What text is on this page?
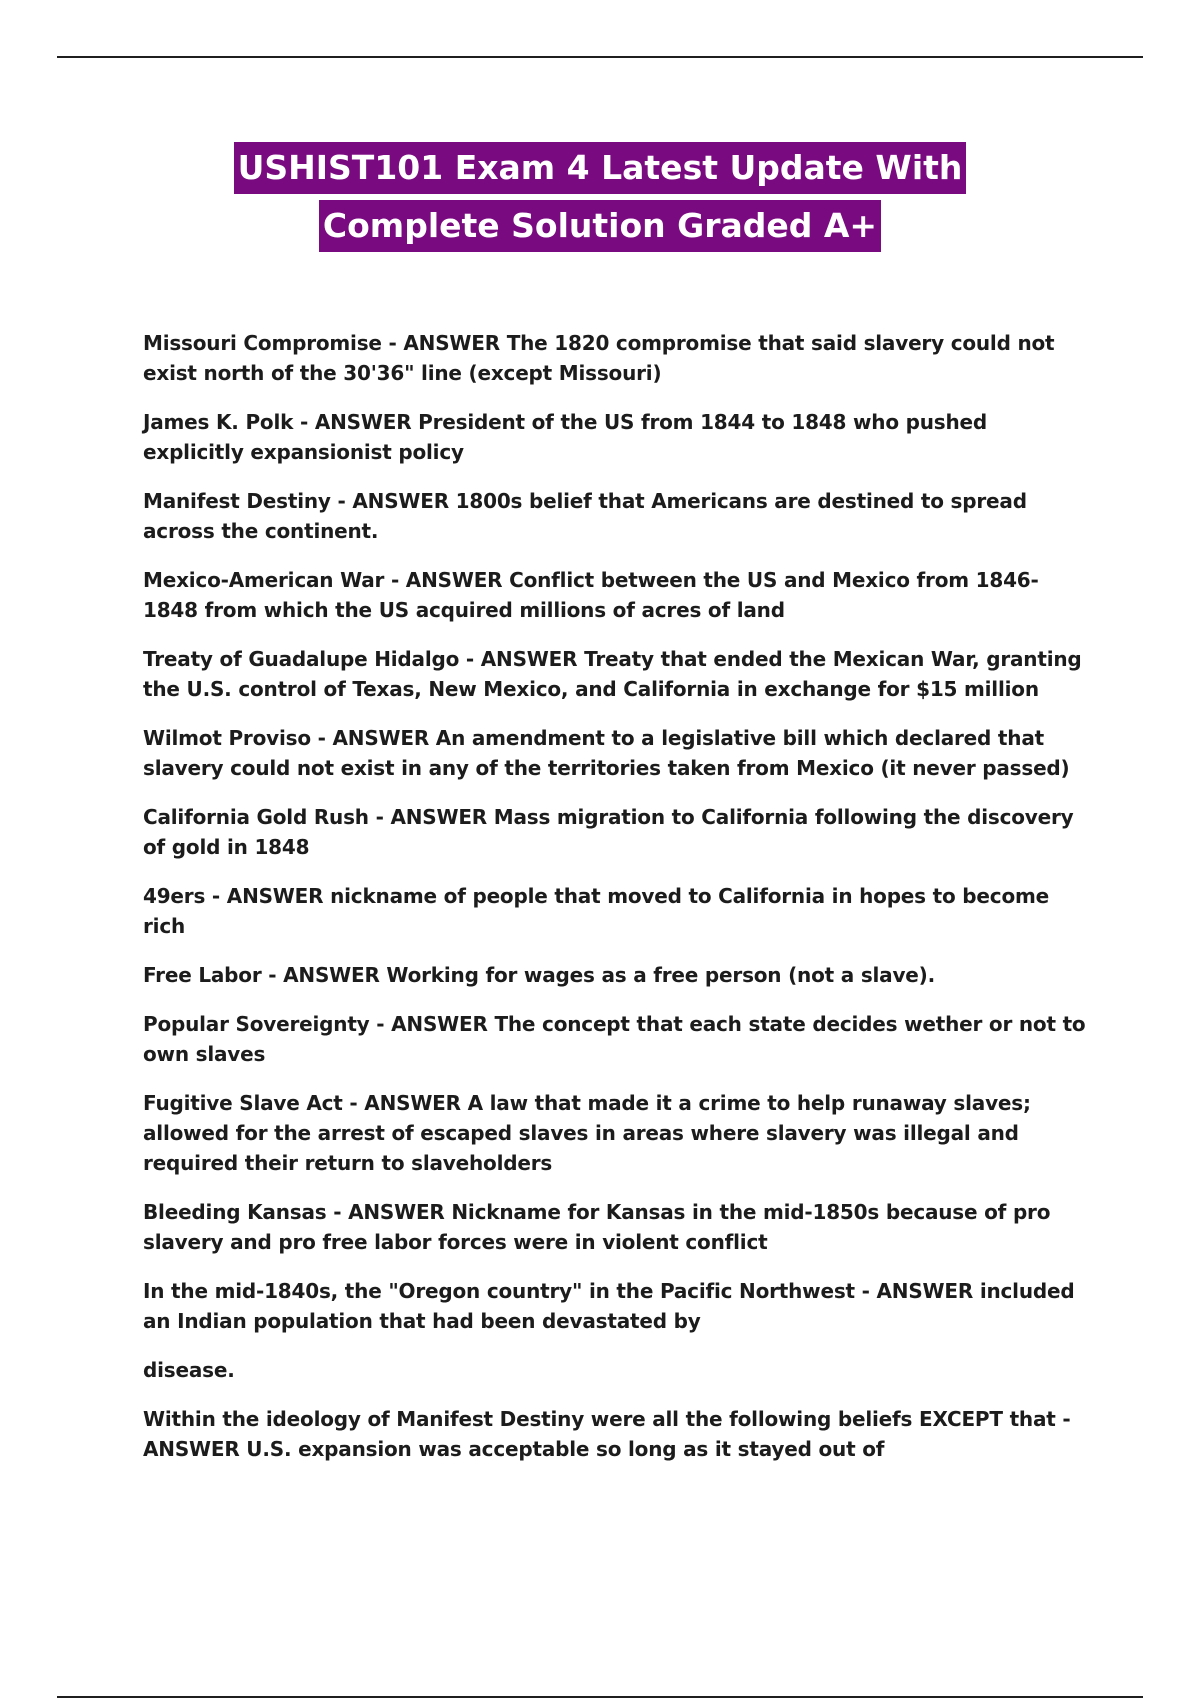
USHIST101 Exam 4 Latest Update With
Complete Solution Graded A+

Missouri Compromise - ANSWER The 1820 compromise that said slavery could not exist north of the 30'36" line (except Missouri)

James K. Polk - ANSWER President of the US from 1844 to 1848 who pushed explicitly expansionist policy

Manifest Destiny - ANSWER 1800s belief that Americans are destined to spread across the continent.

Mexico-American War - ANSWER Conflict between the US and Mexico from 1846-1848 from which the US acquired millions of acres of land

Treaty of Guadalupe Hidalgo - ANSWER Treaty that ended the Mexican War, granting the U.S. control of Texas, New Mexico, and California in exchange for $15 million

Wilmot Proviso - ANSWER An amendment to a legislative bill which declared that slavery could not exist in any of the territories taken from Mexico (it never passed)

California Gold Rush - ANSWER Mass migration to California following the discovery of gold in 1848

49ers - ANSWER nickname of people that moved to California in hopes to become rich

Free Labor - ANSWER Working for wages as a free person (not a slave).

Popular Sovereignty - ANSWER The concept that each state decides wether or not to own slaves

Fugitive Slave Act - ANSWER A law that made it a crime to help runaway slaves; allowed for the arrest of escaped slaves in areas where slavery was illegal and required their return to slaveholders

Bleeding Kansas - ANSWER Nickname for Kansas in the mid-1850s because of pro slavery and pro free labor forces were in violent conflict

In the mid-1840s, the "Oregon country" in the Pacific Northwest - ANSWER included an Indian population that had been devastated by

disease.

Within the ideology of Manifest Destiny were all the following beliefs EXCEPT that - ANSWER U.S. expansion was acceptable so long as it stayed out of
